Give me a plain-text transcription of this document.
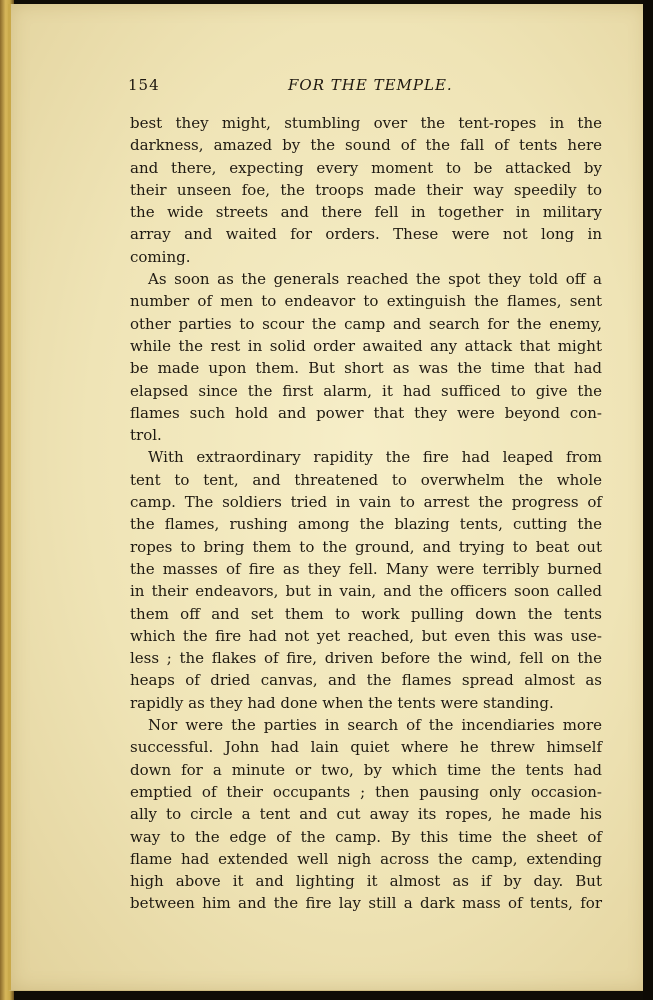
154	FOR THE TEMPLE.
best they might, stumbling over the tent-ropes in the
darkness, amazed by the sound of the fall of tents here
and there, expecting every moment to be attacked by
their unseen foe, the troops made their way speedily to
the wide streets and there fell in together in military
array and waited for orders. These were not long in
coming.
As soon as the generals reached the spot they told off a
number of men to endeavor to extinguish the flames, sent
other parties to scour the camp and search for the enemy,
while the rest in solid order awaited any attack that might
be made upon them. But short as was the time that had
elapsed since the first alarm, it had sufficed to give the
flames such hold and power that they were beyond con-
trol.
With extraordinary rapidity the fire had leaped from
tent to tent, and threatened to overwhelm the whole
camp. The soldiers tried in vain to arrest the progress of
the flames, rushing among the blazing tents, cutting the
ropes to bring them to the ground, and trying to beat out
the masses of fire as they fell. Many were terribly burned
in their endeavors, but in vain, and the officers soon called
them off and set them to work pulling down the tents
which the fire had not yet reached, but even this was use-
less ; the flakes of fire, driven before the wind, fell on the
heaps of dried canvas, and the flames spread almost as
rapidly as they had done when the tents were standing.
Nor were the parties in search of the incendiaries more
successful. John had lain quiet where he threw himself
down for a minute or two, by which time the tents had
emptied of their occupants ; then pausing only occasion-
ally to circle a tent and cut away its ropes, he made his
way to the edge of the camp. By this time the sheet of
flame had extended well nigh across the camp, extending
high above it and lighting it almost as if by day. But
between him and the fire lay still a dark mass of tents, for
